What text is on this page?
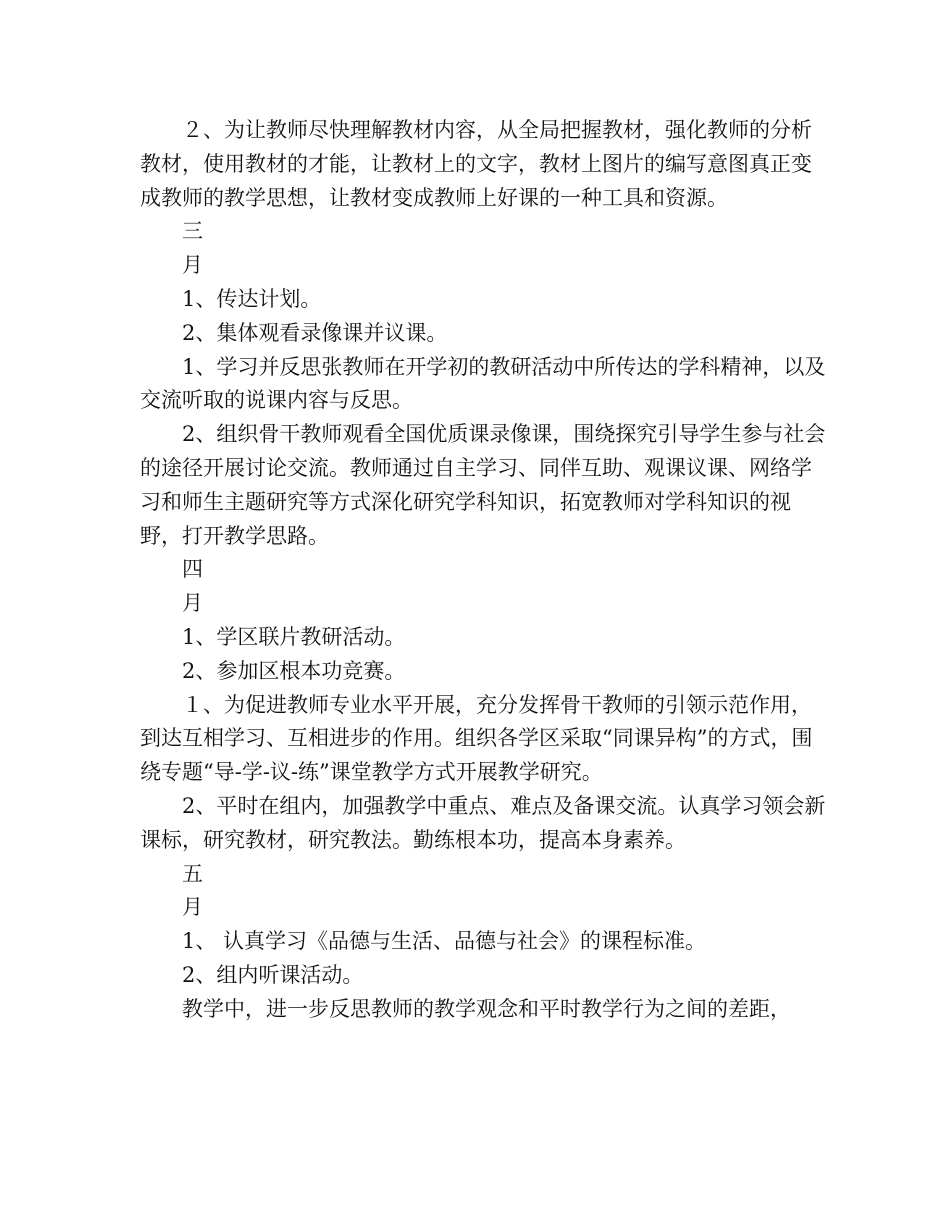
２、为让教师尽快理解教材内容，从全局把握教材，强化教师的分析教材，使用教材的才能，让教材上的文字，教材上图片的编写意图真正变成教师的教学思想，让教材变成教师上好课的一种工具和资源。

三

月

1、传达计划。

2、集体观看录像课并议课。

1、学习并反思张教师在开学初的教研活动中所传达的学科精神，以及交流听取的说课内容与反思。

2、组织骨干教师观看全国优质课录像课，围绕探究引导学生参与社会的途径开展讨论交流。教师通过自主学习、同伴互助、观课议课、网络学习和师生主题研究等方式深化研究学科知识，拓宽教师对学科知识的视野，打开教学思路。

四

月

1、学区联片教研活动。

2、参加区根本功竞赛。

１、为促进教师专业水平开展，充分发挥骨干教师的引领示范作用，到达互相学习、互相进步的作用。组织各学区采取“同课异构”的方式，围绕专题“导-学-议-练”课堂教学方式开展教学研究。

2、平时在组内，加强教学中重点、难点及备课交流。认真学习领会新课标，研究教材，研究教法。勤练根本功，提高本身素养。

五

月

1、 认真学习《品德与生活、品德与社会》的课程标准。

2、组内听课活动。

教学中，进一步反思教师的教学观念和平时教学行为之间的差距，
